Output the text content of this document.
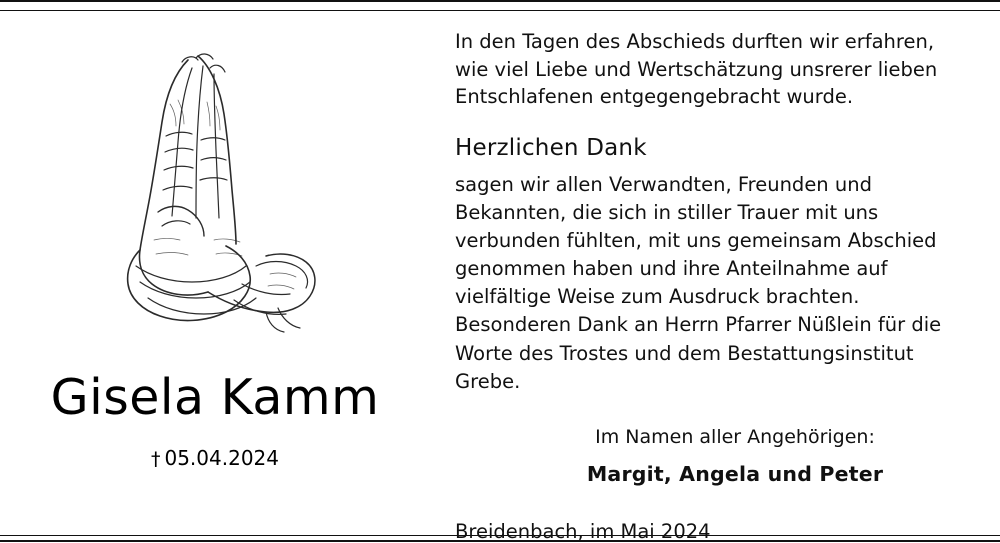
Gisela Kamm
† 05.04.2024

In den Tagen des Abschieds durften wir erfahren, wie viel Liebe und Wertschätzung unsrerer lieben Entschlafenen entgegengebracht wurde.

Herzlichen Dank

sagen wir allen Verwandten, Freunden und Bekannten, die sich in stiller Trauer mit uns verbunden fühlten, mit uns gemeinsam Abschied genommen haben und ihre Anteilnahme auf vielfältige Weise zum Ausdruck brachten. Besonderen Dank an Herrn Pfarrer Nüßlein für die Worte des Trostes und dem Bestattungsinstitut Grebe.

Im Namen aller Angehörigen:
Margit, Angela und Peter
Breidenbach, im Mai 2024
